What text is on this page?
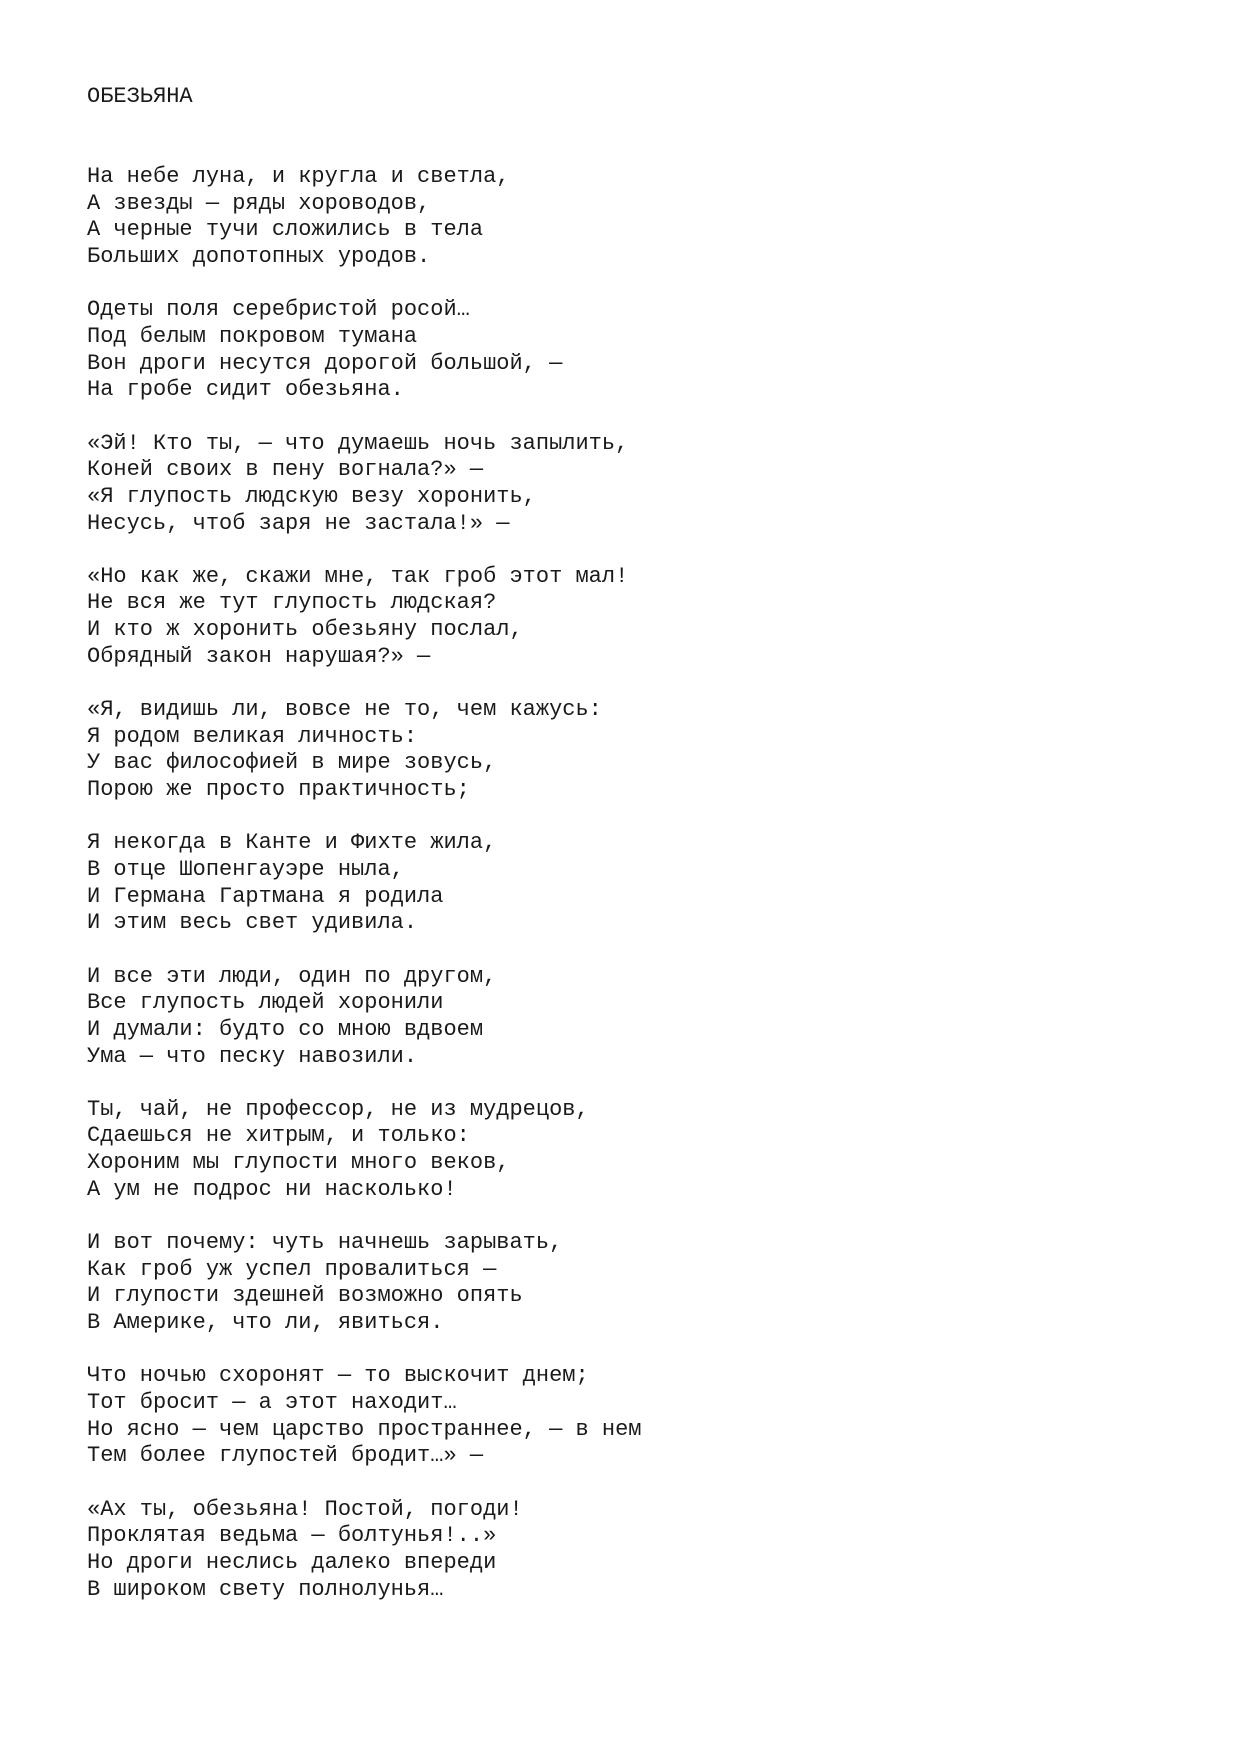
ОБЕЗЬЯНА
На небе луна, и кругла и светла,
А звезды — ряды хороводов,
А черные тучи сложились в тела
Больших допотопных уродов.
Одеты поля серебристой росой…
Под белым покровом тумана
Вон дроги несутся дорогой большой, —
На гробе сидит обезьяна.
«Эй! Кто ты, — что думаешь ночь запылить,
Коней своих в пену вогнала?» —
«Я глупость людскую везу хоронить,
Несусь, чтоб заря не застала!» —
«Но как же, скажи мне, так гроб этот мал!
Не вся же тут глупость людская?
И кто ж хоронить обезьяну послал,
Обрядный закон нарушая?» —
«Я, видишь ли, вовсе не то, чем кажусь:
Я родом великая личность:
У вас философией в мире зовусь,
Порою же просто практичность;
Я некогда в Канте и Фихте жила,
В отце Шопенгауэре ныла,
И Германа Гартмана я родила
И этим весь свет удивила.
И все эти люди, один по другом,
Все глупость людей хоронили
И думали: будто со мною вдвоем
Ума — что песку навозили.
Ты, чай, не профессор, не из мудрецов,
Сдаешься не хитрым, и только:
Хороним мы глупости много веков,
А ум не подрос ни насколько!
И вот почему: чуть начнешь зарывать,
Как гроб уж успел провалиться —
И глупости здешней возможно опять
В Америке, что ли, явиться.
Что ночью схоронят — то выскочит днем;
Тот бросит — а этот находит…
Но ясно — чем царство пространнее, — в нем
Тем более глупостей бродит…» —
«Ах ты, обезьяна! Постой, погоди!
Проклятая ведьма — болтунья!..»
Но дроги неслись далеко впереди
В широком свету полнолунья…
